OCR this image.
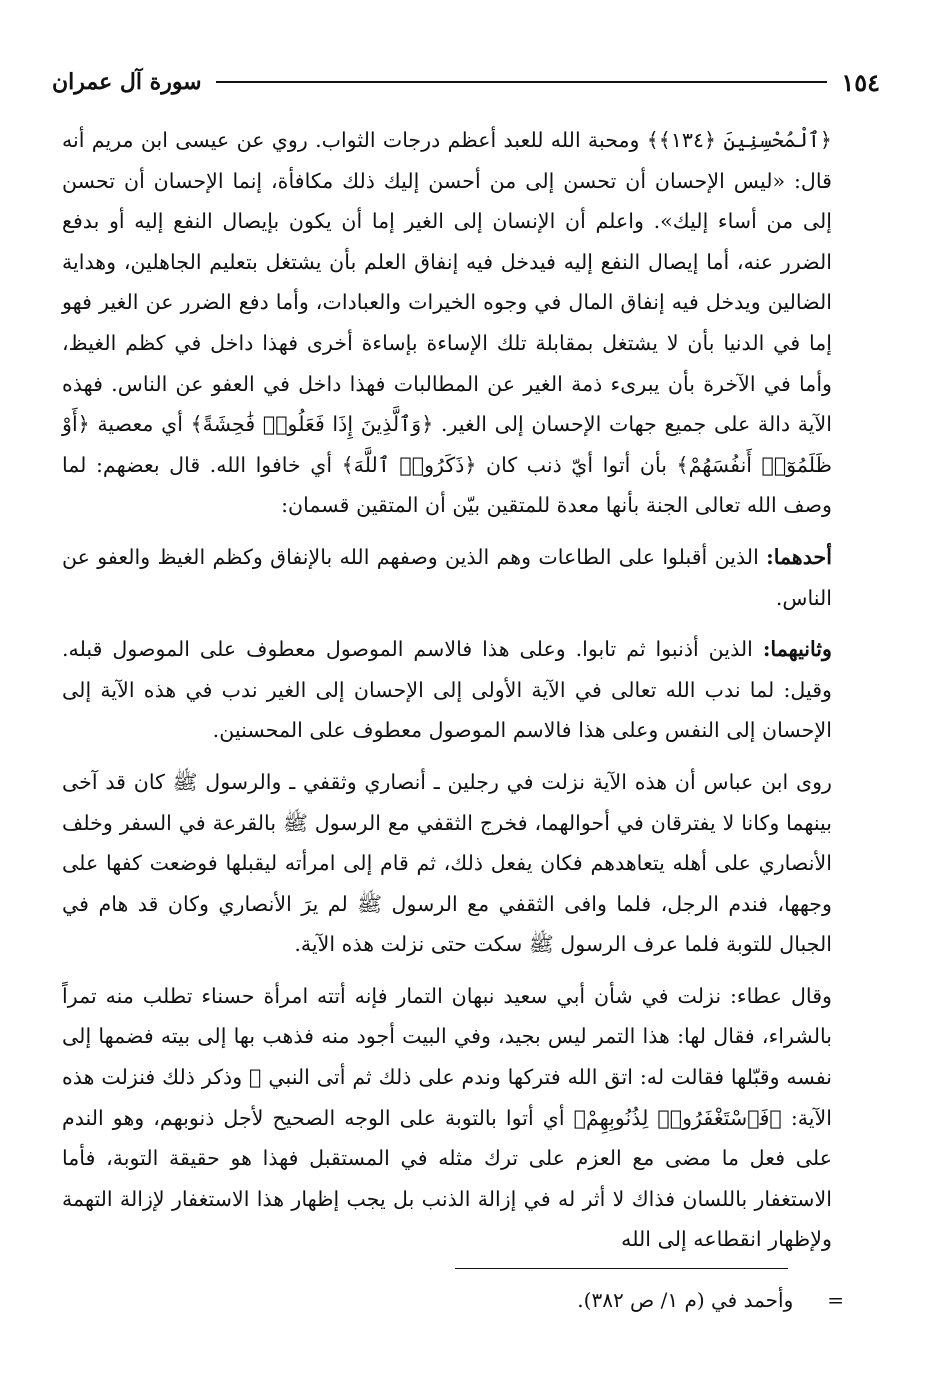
١٥٤
سورة آل عمران

﴿ٱلْمُحْسِنِينَ ﴿١٣٤﴾﴾ ومحبة الله للعبد أعظم درجات الثواب. روي عن عيسى ابن مريم أنه قال: «ليس الإحسان أن تحسن إلى من أحسن إليك ذلك مكافأة، إنما الإحسان أن تحسن إلى من أساء إليك». واعلم أن الإنسان إلى الغير إما أن يكون بإيصال النفع إليه أو بدفع الضرر عنه، أما إيصال النفع إليه فيدخل فيه إنفاق العلم بأن يشتغل بتعليم الجاهلين، وهداية الضالين ويدخل فيه إنفاق المال في وجوه الخيرات والعبادات، وأما دفع الضرر عن الغير فهو إما في الدنيا بأن لا يشتغل بمقابلة تلك الإساءة بإساءة أخرى فهذا داخل في كظم الغيظ، وأما في الآخرة بأن يبرىء ذمة الغير عن المطالبات فهذا داخل في العفو عن الناس. فهذه الآية دالة على جميع جهات الإحسان إلى الغير. ﴿وَٱلَّذِينَ إِذَا فَعَلُوا۟ فَٰحِشَةً﴾ أي معصية ﴿أَوْ ظَلَمُوٓا۟ أَنفُسَهُمْ﴾ بأن أتوا أيّ ذنب كان ﴿ذَكَرُوا۟ ٱللَّهَ﴾ أي خافوا الله. قال بعضهم: لما وصف الله تعالى الجنة بأنها معدة للمتقين بيّن أن المتقين قسمان:

أحدهما: الذين أقبلوا على الطاعات وهم الذين وصفهم الله بالإنفاق وكظم الغيظ والعفو عن الناس.

وثانيهما: الذين أذنبوا ثم تابوا. وعلى هذا فالاسم الموصول معطوف على الموصول قبله. وقيل: لما ندب الله تعالى في الآية الأولى إلى الإحسان إلى الغير ندب في هذه الآية إلى الإحسان إلى النفس وعلى هذا فالاسم الموصول معطوف على المحسنين.

روى ابن عباس أن هذه الآية نزلت في رجلين ـ أنصاري وثقفي ـ والرسول ﷺ كان قد آخى بينهما وكانا لا يفترقان في أحوالهما، فخرج الثقفي مع الرسول ﷺ بالقرعة في السفر وخلف الأنصاري على أهله يتعاهدهم فكان يفعل ذلك، ثم قام إلى امرأته ليقبلها فوضعت كفها على وجهها، فندم الرجل، فلما وافى الثقفي مع الرسول ﷺ لم يرَ الأنصاري وكان قد هام في الجبال للتوبة فلما عرف الرسول ﷺ سكت حتى نزلت هذه الآية.

وقال عطاء: نزلت في شأن أبي سعيد نبهان التمار فإنه أتته امرأة حسناء تطلب منه تمراً بالشراء، فقال لها: هذا التمر ليس بجيد، وفي البيت أجود منه فذهب بها إلى بيته فضمها إلى نفسه وقبّلها فقالت له: اتق الله فتركها وندم على ذلك ثم أتى النبي ﷺ وذكر ذلك فنزلت هذه الآية: ﴿فَٱسْتَغْفَرُوا۟ لِذُنُوبِهِمْ﴾ أي أتوا بالتوبة على الوجه الصحيح لأجل ذنوبهم، وهو الندم على فعل ما مضى مع العزم على ترك مثله في المستقبل فهذا هو حقيقة التوبة، فأما الاستغفار باللسان فذاك لا أثر له في إزالة الذنب بل يجب إظهار هذا الاستغفار لإزالة التهمة ولإظهار انقطاعه إلى الله

=
وأحمد في (م ١/ ص ٣٨٢).
